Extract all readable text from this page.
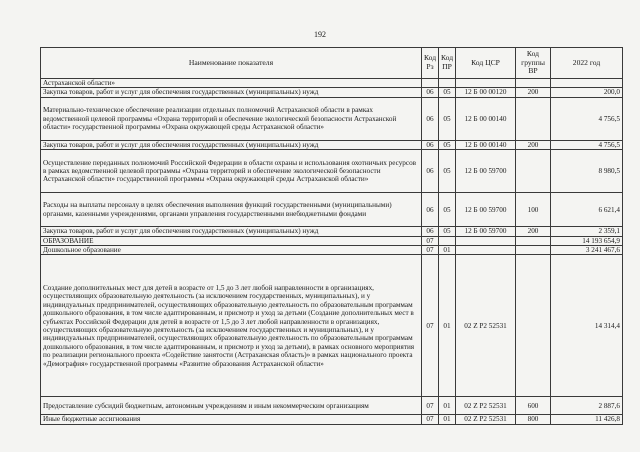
192
Наименование показателя	Код Рз	Код ПР	Код ЦСР	Код группы ВР	2022 год
Астраханской области»					
Закупка товаров, работ и услуг для обеспечения государственных (муниципальных) нужд	06	05	12 Б 00 00120	200	200,0
Материально-техническое обеспечение реализации отдельных полномочий Астраханской области в рамках ведомственной целевой программы «Охрана территорий и обеспечение экологической безопасности Астраханской области» государственной программы «Охрана окружающей среды Астраханской области»	06	05	12 Б 00 00140		4 756,5
Закупка товаров, работ и услуг для обеспечения государственных (муниципальных) нужд	06	05	12 Б 00 00140	200	4 756,5
Осуществление переданных полномочий Российской Федерации в области охраны и использования охотничьих ресурсов в рамках ведомственной целевой программы «Охрана территорий и обеспечение экологической безопасности Астраханской области» государственной программы «Охрана окружающей среды Астраханской области»	06	05	12 Б 00 59700		8 980,5
Расходы на выплаты персоналу в целях обеспечения выполнения функций государственными (муниципальными) органами, казенными учреждениями, органами управления государственными внебюджетными фондами	06	05	12 Б 00 59700	100	6 621,4
Закупка товаров, работ и услуг для обеспечения государственных (муниципальных) нужд	06	05	12 Б 00 59700	200	2 359,1
ОБРАЗОВАНИЕ	07				14 193 654,9
Дошкольное образование	07	01			3 241 467,6
Создание дополнительных мест для детей в возрасте от 1,5 до 3 лет любой направленности в организациях, осуществляющих образовательную деятельность (за исключением государственных, муниципальных), и у индивидуальных предпринимателей, осуществляющих образовательную деятельность по образовательным программам дошкольного образования, в том числе адаптированным, и присмотр и уход за детьми (Создание дополнительных мест в субъектах Российской Федерации для детей в возрасте от 1,5 до 3 лет любой направленности в организациях, осуществляющих образовательную деятельность (за исключением государственных и муниципальных), и у индивидуальных предпринимателей, осуществляющих образовательную деятельность по образовательным программам дошкольного образования, в том числе адаптированным, и присмотр и уход за детьми), в рамках основного мероприятия по реализации регионального проекта «Содействие занятости (Астраханская область)» в рамках национального проекта «Демография» государственной программы «Развитие образования Астраханской области»	07	01	02 Z P2 52531		14 314,4
Предоставление субсидий бюджетным, автономным учреждениям и иным некоммерческим организациям	07	01	02 Z P2 52531	600	2 887,6
Иные бюджетные ассигнования	07	01	02 Z P2 52531	800	11 426,8
